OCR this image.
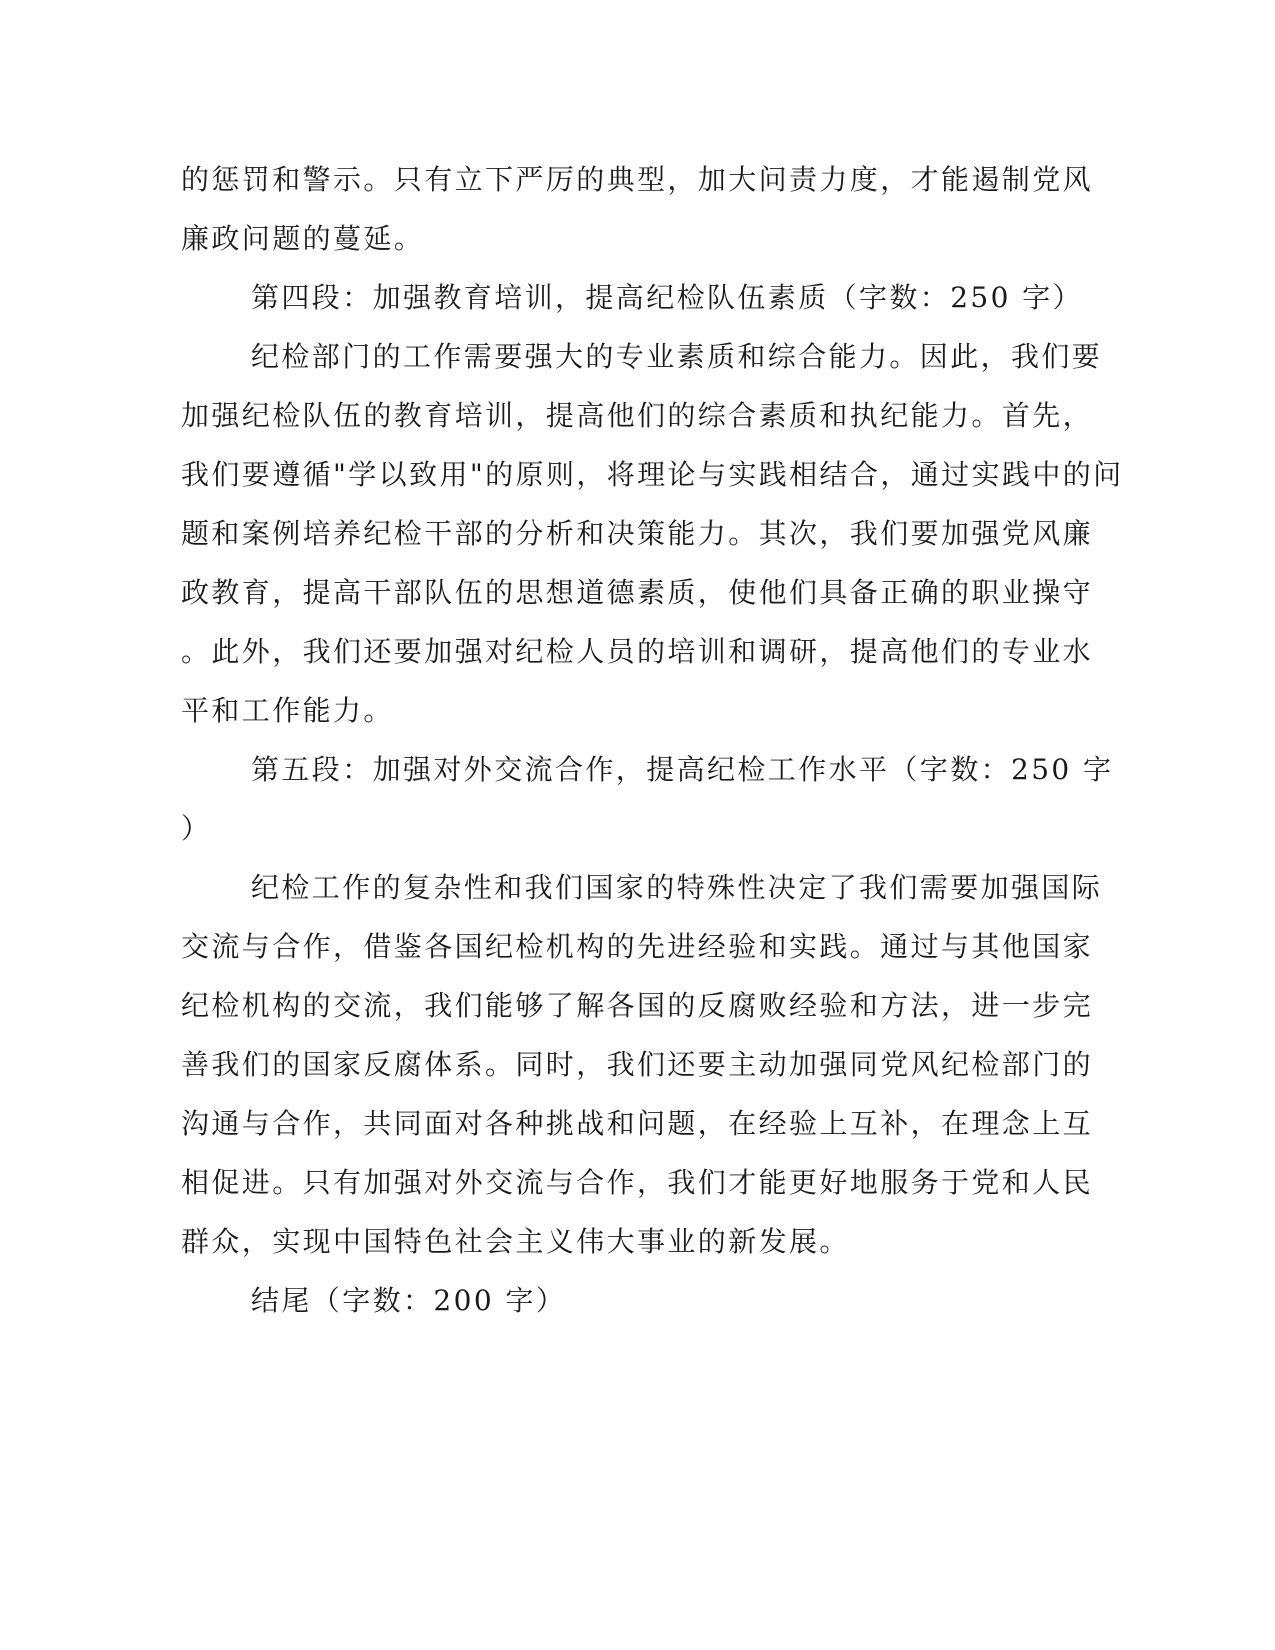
的惩罚和警示。只有立下严厉的典型，加大问责力度，才能遏制党风

廉政问题的蔓延。

第四段：加强教育培训，提高纪检队伍素质（字数：250 字）

纪检部门的工作需要强大的专业素质和综合能力。因此，我们要

加强纪检队伍的教育培训，提高他们的综合素质和执纪能力。首先，

我们要遵循"学以致用"的原则，将理论与实践相结合，通过实践中的问

题和案例培养纪检干部的分析和决策能力。其次，我们要加强党风廉

政教育，提高干部队伍的思想道德素质，使他们具备正确的职业操守

。此外，我们还要加强对纪检人员的培训和调研，提高他们的专业水

平和工作能力。

第五段：加强对外交流合作，提高纪检工作水平（字数：250 字

）

纪检工作的复杂性和我们国家的特殊性决定了我们需要加强国际

交流与合作，借鉴各国纪检机构的先进经验和实践。通过与其他国家

纪检机构的交流，我们能够了解各国的反腐败经验和方法，进一步完

善我们的国家反腐体系。同时，我们还要主动加强同党风纪检部门的

沟通与合作，共同面对各种挑战和问题，在经验上互补，在理念上互

相促进。只有加强对外交流与合作，我们才能更好地服务于党和人民

群众，实现中国特色社会主义伟大事业的新发展。

结尾（字数：200 字）
